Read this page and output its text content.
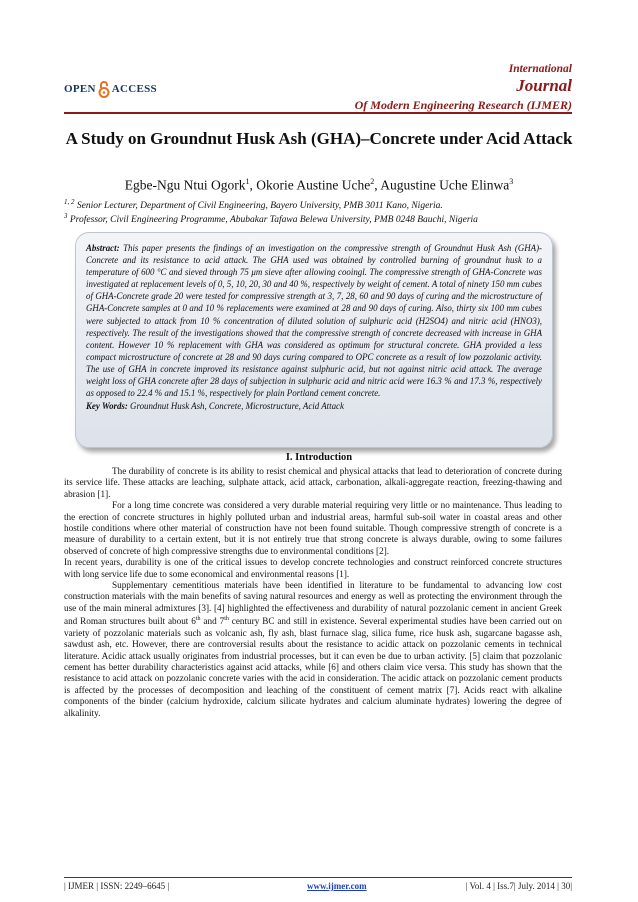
OPEN ACCESS
International
Journal
Of Modern Engineering Research (IJMER)
A Study on Groundnut Husk Ash (GHA)–Concrete under Acid Attack
Egbe-Ngu Ntui Ogork$^1$, Okorie Austine Uche$^2$, Augustine Uche Elinwa$^3$
$^{1, 2}$ Senior Lecturer, Department of Civil Engineering, Bayero University, PMB 3011 Kano, Nigeria.
$^3$ Professor, Civil Engineering Programme, Abubakar Tafawa Belewa University, PMB 0248 Bauchi, Nigeria
Abstract: This paper presents the findings of an investigation on the compressive strength of Groundnut Husk Ash (GHA)-Concrete and its resistance to acid attack. The GHA used was obtained by controlled burning of groundnut husk to a temperature of 600 °C and sieved through 75 μm sieve after allowing cooingl. The compressive strength of GHA-Concrete was investigated at replacement levels of 0, 5, 10, 20, 30 and 40 %, respectively by weight of cement. A total of ninety 150 mm cubes of GHA-Concrete grade 20 were tested for compressive strength at 3, 7, 28, 60 and 90 days of curing and the microstructure of GHA-Concrete samples at 0 and 10 % replacements were examined at 28 and 90 days of curing. Also, thirty six 100 mm cubes were subjected to attack from 10 % concentration of diluted solution of sulphuric acid (H2SO4) and nitric acid (HNO3), respectively. The result of the investigations showed that the compressive strength of concrete decreased with increase in GHA content. However 10 % replacement with GHA was considered as optimum for structural concrete. GHA provided a less compact microstructure of concrete at 28 and 90 days curing compared to OPC concrete as a result of low pozzolanic activity. The use of GHA in concrete improved its resistance against sulphuric acid, but not against nitric acid attack. The average weight loss of GHA concrete after 28 days of subjection in sulphuric acid and nitric acid were 16.3 % and 17.3 %, respectively as opposed to 22.4 % and 15.1 %, respectively for plain Portland cement concrete.
Key Words: Groundnut Husk Ash, Concrete, Microstructure, Acid Attack
I. Introduction

The durability of concrete is its ability to resist chemical and physical attacks that lead to deterioration of concrete during its service life. These attacks are leaching, sulphate attack, acid attack, carbonation, alkali-aggregate reaction, freezing-thawing and abrasion [1].

For a long time concrete was considered a very durable material requiring very little or no maintenance. Thus leading to the erection of concrete structures in highly polluted urban and industrial areas, harmful sub-soil water in coastal areas and other hostile conditions where other material of construction have not been found suitable. Though compressive strength of concrete is a measure of durability to a certain extent, but it is not entirely true that strong concrete is always durable, owing to some failures observed of concrete of high compressive strengths due to environmental conditions [2].

In recent years, durability is one of the critical issues to develop concrete technologies and construct reinforced concrete structures with long service life due to some economical and environmental reasons [1].

Supplementary cementitious materials have been identified in literature to be fundamental to advancing low cost construction materials with the main benefits of saving natural resources and energy as well as protecting the environment through the use of the main mineral admixtures [3]. [4] highlighted the effectiveness and durability of natural pozzolanic cement in ancient Greek and Roman structures built about 6th and 7th century BC and still in existence. Several experimental studies have been carried out on variety of pozzolanic materials such as volcanic ash, fly ash, blast furnace slag, silica fume, rice husk ash, sugarcane bagasse ash, sawdust ash, etc. However, there are controversial results about the resistance to acidic attack on pozzolanic cements in technical literature. Acidic attack usually originates from industrial processes, but it can even be due to urban activity. [5] claim that pozzolanic cement has better durability characteristics against acid attacks, while [6] and others claim vice versa. This study has shown that the resistance to acid attack on pozzolanic concrete varies with the acid in consideration. The acidic attack on pozzolanic cement products is affected by the processes of decomposition and leaching of the constituent of cement matrix [7]. Acids react with alkaline components of the binder (calcium hydroxide, calcium silicate hydrates and calcium aluminate hydrates) lowering the degree of alkalinity.

| IJMER | ISSN: 2249–6645 |	www.ijmer.com	| Vol. 4 | Iss.7| July. 2014 | 30|
